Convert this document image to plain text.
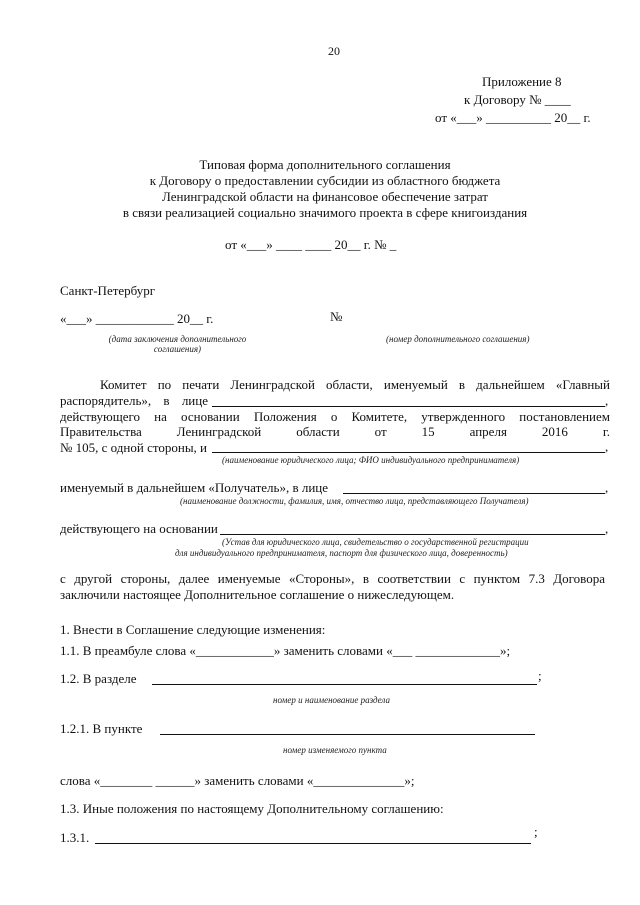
20
Приложение 8
к Договору № ____
от «___» __________ 20__ г.
Типовая форма дополнительного соглашения
к Договору о предоставлении субсидии из областного бюджета
Ленинградской области на финансовое обеспечение затрат
в связи реализацией социально значимого проекта в сфере книгоиздания
от «___» ____ ____ 20__ г. № _
Санкт-Петербург
«___» ____________ 20__ г.	№
(дата заключения дополнительного
соглашения)
(номер дополнительного соглашения)
Комитет по печати Ленинградской области, именуемый в дальнейшем «Главный
распорядитель», в лице	,
действующего на основании Положения о Комитете, утвержденного постановлением
Правительства Ленинградской области от 15 апреля 2016 г.
№ 105, с одной стороны, и	,
(наименование юридического лица; ФИО индивидуального предпринимателя)
именуемый в дальнейшем «Получатель», в лице	,
(наименование должности, фамилия, имя, отчество лица, представляющего Получателя)
действующего на основании	,
(Устав для юридического лица, свидетельство о государственной регистрации
для индивидуального предпринимателя, паспорт для физического лица, доверенность)
с другой стороны, далее именуемые «Стороны», в соответствии с пунктом 7.3 Договора
заключили настоящее Дополнительное соглашение о нижеследующем.
1. Внести в Соглашение следующие изменения:
1.1. В преамбуле слова «____________» заменить словами «___ _____________»;
1.2. В разделе	;
номер и наименование раздела
1.2.1. В пункте
номер изменяемого пункта
слова «________ ______» заменить словами «______________»;
1.3. Иные положения по настоящему Дополнительному соглашению:
1.3.1.	;
